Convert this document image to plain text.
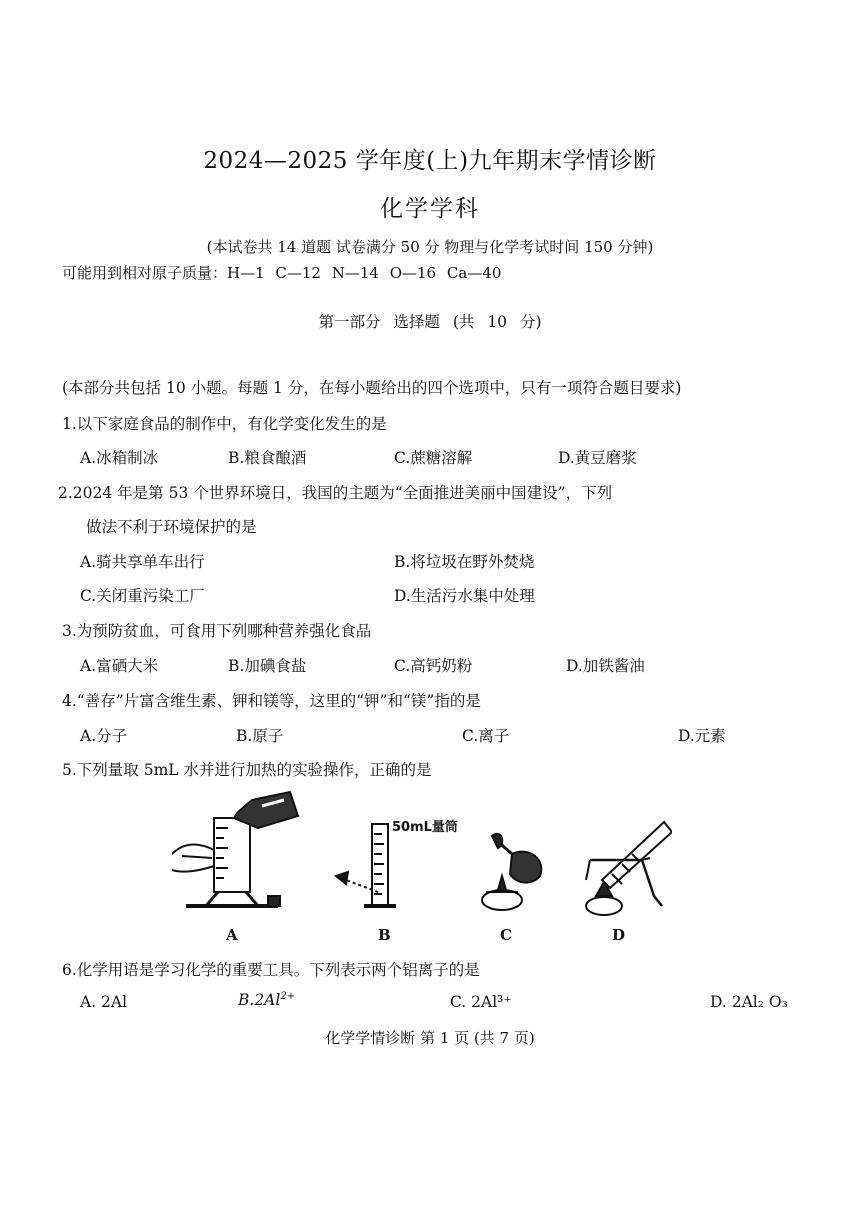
2024—2025 学年度(上)九年期末学情诊断
化学学科
(本试卷共 14 道题 试卷满分 50 分 物理与化学考试时间 150 分钟)
可能用到相对原子质量：H—1 C—12 N—14 O—16 Ca—40
第一部分 选择题 (共 10 分)
(本部分共包括 10 小题。每题 1 分，在每小题给出的四个选项中，只有一项符合题目要求)
1.以下家庭食品的制作中，有化学变化发生的是
A.冰箱制冰	B.粮食酿酒	C.蔗糖溶解	D.黄豆磨浆
2.2024 年是第 53 个世界环境日，我国的主题为“全面推进美丽中国建设”，下列
做法不利于环境保护的是
A.骑共享单车出行	B.将垃圾在野外焚烧
C.关闭重污染工厂	D.生活污水集中处理
3.为预防贫血，可食用下列哪种营养强化食品
A.富硒大米	B.加碘食盐	C.高钙奶粉	D.加铁酱油
4.“善存”片富含维生素、钾和镁等，这里的“钾”和“镁”指的是
A.分子	B.原子	C.离子	D.元素
5.下列量取 5mL 水并进行加热的实验操作，正确的是
50mL量筒
A	B	C	D
6.化学用语是学习化学的重要工具。下列表示两个铝离子的是
A. 2Al	$B.2Al^{2+}$	C. 2Al³⁺	D. 2Al₂ O₃
化学学情诊断 第 1 页 (共 7 页)
